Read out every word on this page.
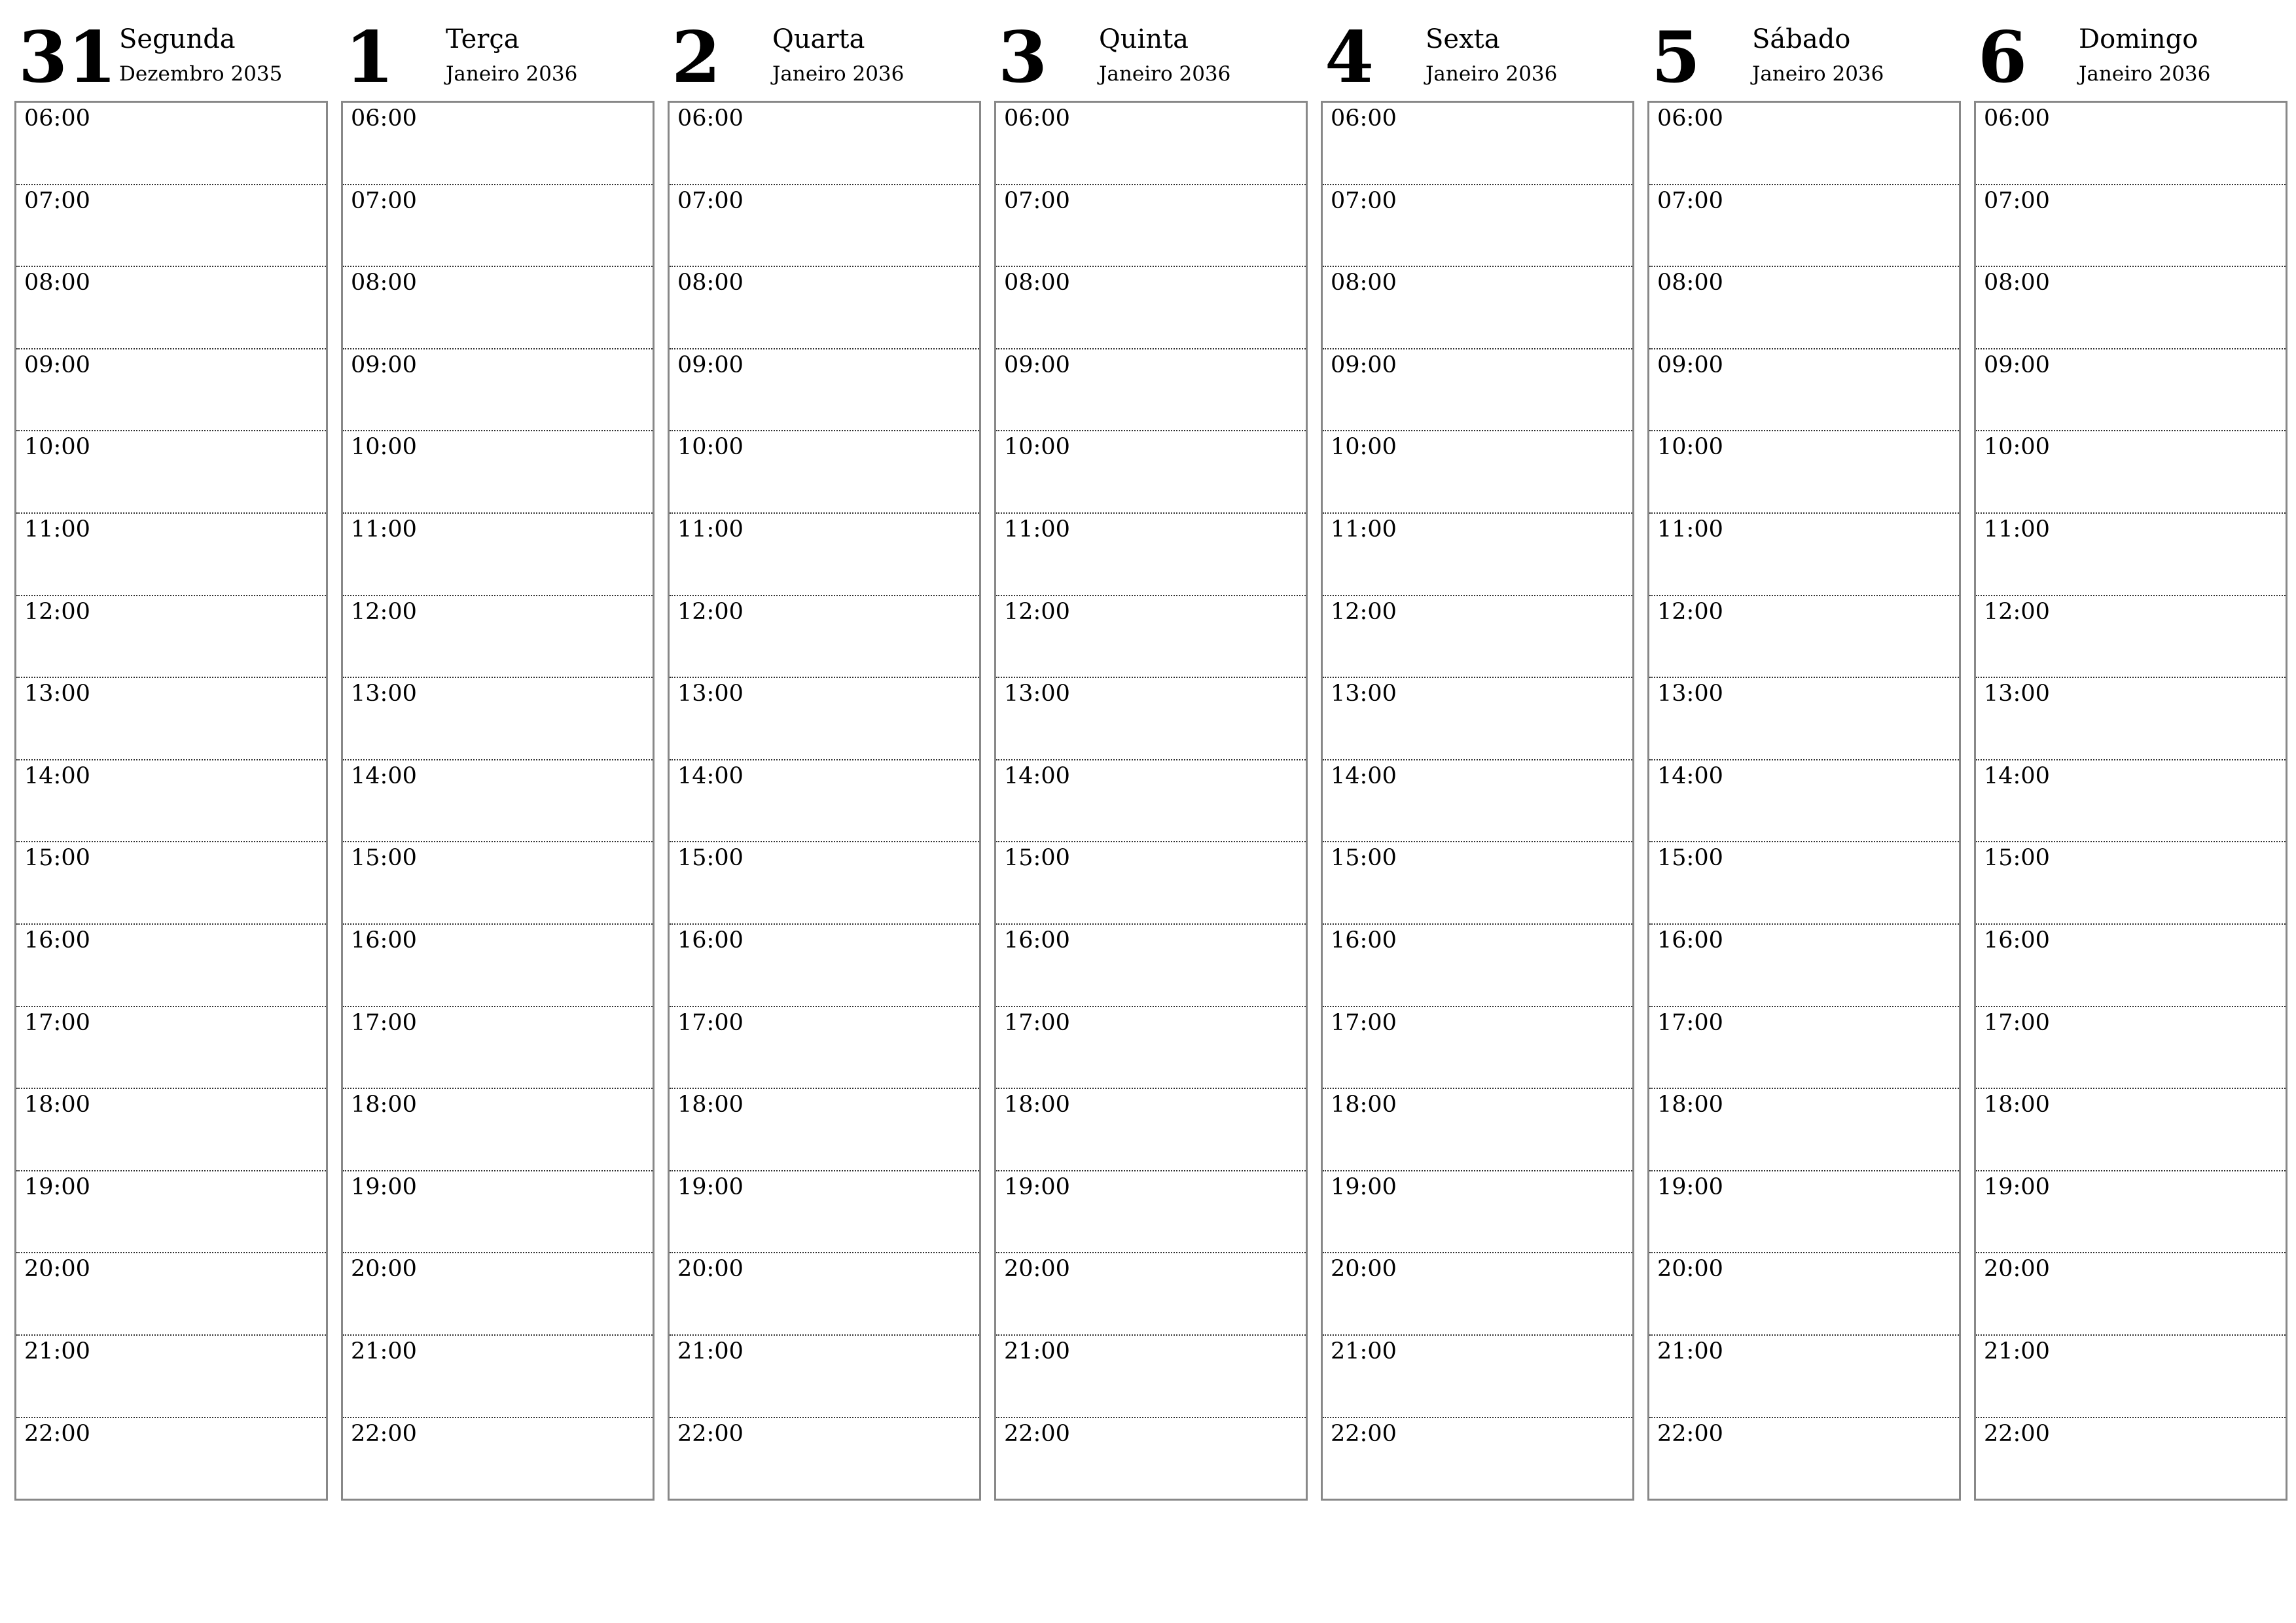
31 Segunda
Dezembro 2035
06:00
07:00
08:00
09:00
10:00
11:00
12:00
13:00
14:00
15:00
16:00
17:00
18:00
19:00
20:00
21:00
22:00
1 Terça
Janeiro 2036
06:00
07:00
08:00
09:00
10:00
11:00
12:00
13:00
14:00
15:00
16:00
17:00
18:00
19:00
20:00
21:00
22:00
2 Quarta
Janeiro 2036
06:00
07:00
08:00
09:00
10:00
11:00
12:00
13:00
14:00
15:00
16:00
17:00
18:00
19:00
20:00
21:00
22:00
3 Quinta
Janeiro 2036
06:00
07:00
08:00
09:00
10:00
11:00
12:00
13:00
14:00
15:00
16:00
17:00
18:00
19:00
20:00
21:00
22:00
4 Sexta
Janeiro 2036
06:00
07:00
08:00
09:00
10:00
11:00
12:00
13:00
14:00
15:00
16:00
17:00
18:00
19:00
20:00
21:00
22:00
5 Sábado
Janeiro 2036
06:00
07:00
08:00
09:00
10:00
11:00
12:00
13:00
14:00
15:00
16:00
17:00
18:00
19:00
20:00
21:00
22:00
6 Domingo
Janeiro 2036
06:00
07:00
08:00
09:00
10:00
11:00
12:00
13:00
14:00
15:00
16:00
17:00
18:00
19:00
20:00
21:00
22:00
